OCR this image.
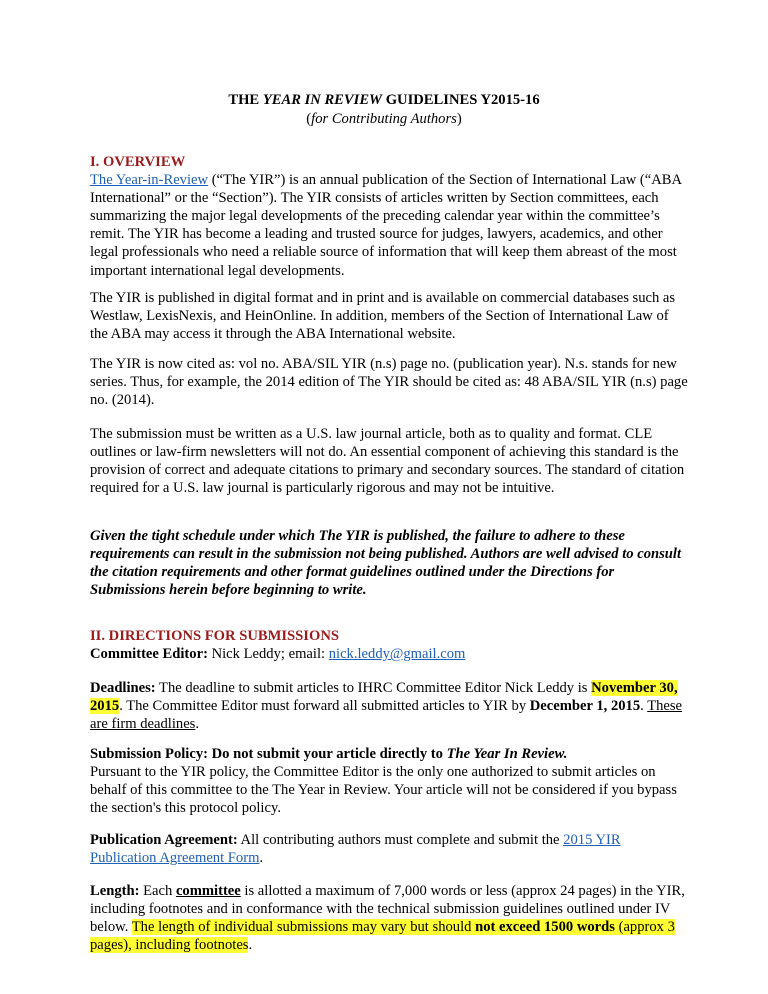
THE YEAR IN REVIEW GUIDELINES Y2015-16
(for Contributing Authors)
I. OVERVIEW
The Year-in-Review (“The YIR”) is an annual publication of the Section of International Law (“ABA International” or the “Section”). The YIR consists of articles written by Section committees, each summarizing the major legal developments of the preceding calendar year within the committee’s remit. The YIR has become a leading and trusted source for judges, lawyers, academics, and other legal professionals who need a reliable source of information that will keep them abreast of the most important international legal developments.
The YIR is published in digital format and in print and is available on commercial databases such as Westlaw, LexisNexis, and HeinOnline. In addition, members of the Section of International Law of the ABA may access it through the ABA International website.
The YIR is now cited as: vol no. ABA/SIL YIR (n.s) page no. (publication year). N.s. stands for new series. Thus, for example, the 2014 edition of The YIR should be cited as: 48 ABA/SIL YIR (n.s) page no. (2014).
The submission must be written as a U.S. law journal article, both as to quality and format. CLE outlines or law-firm newsletters will not do. An essential component of achieving this standard is the provision of correct and adequate citations to primary and secondary sources. The standard of citation required for a U.S. law journal is particularly rigorous and may not be intuitive.
Given the tight schedule under which The YIR is published, the failure to adhere to these requirements can result in the submission not being published. Authors are well advised to consult the citation requirements and other format guidelines outlined under the Directions for Submissions herein before beginning to write.
II. DIRECTIONS FOR SUBMISSIONS
Committee Editor: Nick Leddy; email: nick.leddy@gmail.com
Deadlines: The deadline to submit articles to IHRC Committee Editor Nick Leddy is November 30, 2015. The Committee Editor must forward all submitted articles to YIR by December 1, 2015. These are firm deadlines.
Submission Policy: Do not submit your article directly to The Year In Review.
Pursuant to the YIR policy, the Committee Editor is the only one authorized to submit articles on behalf of this committee to the The Year in Review. Your article will not be considered if you bypass the section's this protocol policy.
Publication Agreement: All contributing authors must complete and submit the 2015 YIR Publication Agreement Form.
Length: Each committee is allotted a maximum of 7,000 words or less (approx 24 pages) in the YIR, including footnotes and in conformance with the technical submission guidelines outlined under IV below. The length of individual submissions may vary but should not exceed 1500 words (approx 3 pages), including footnotes.
